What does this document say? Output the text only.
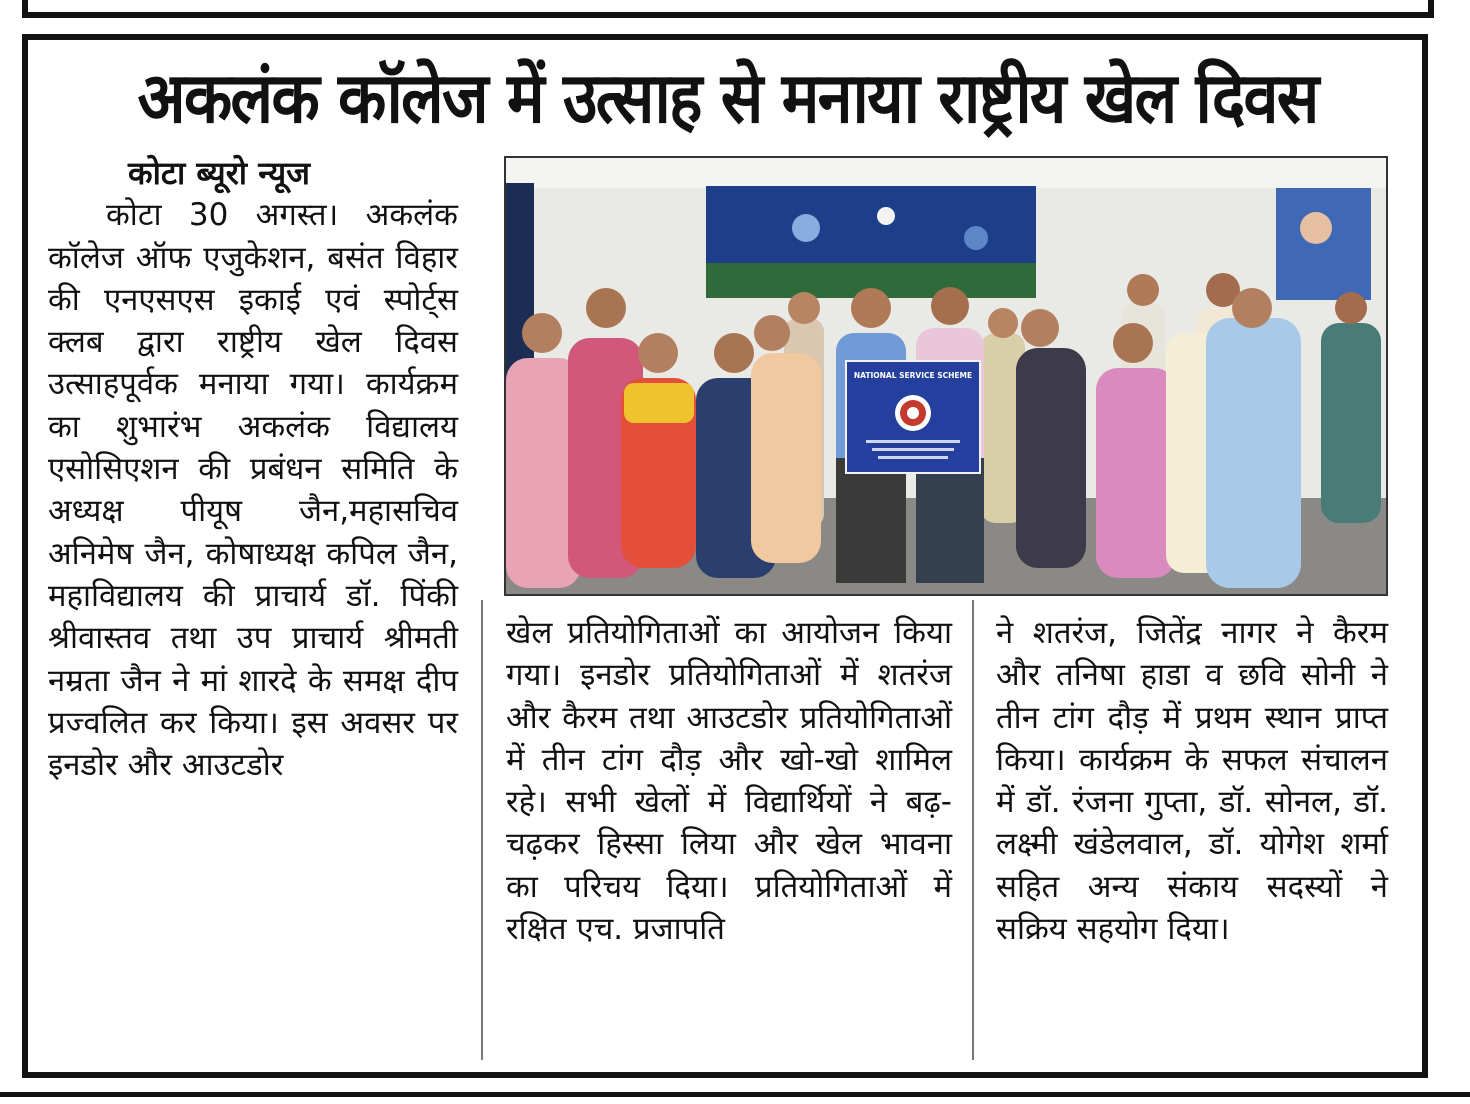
अकलंक कॉलेज में उत्साह से मनाया राष्ट्रीय खेल दिवस

कोटा ब्यूरो न्यूज

कोटा 30 अगस्त। अकलंक कॉलेज ऑफ एजुकेशन, बसंत विहार की एनएसएस इकाई एवं स्पोर्ट्स क्लब द्वारा राष्ट्रीय खेल दिवस उत्साहपूर्वक मनाया गया। कार्यक्रम का शुभारंभ अकलंक विद्यालय एसोसिएशन की प्रबंधन समिति के अध्यक्ष पीयूष जैन,महासचिव अनिमेष जैन, कोषाध्यक्ष कपिल जैन, महाविद्यालय की प्राचार्य डॉ. पिंकी श्रीवास्तव तथा उप प्राचार्य श्रीमती नम्रता जैन ने मां शारदे के समक्ष दीप प्रज्वलित कर किया। इस अवसर पर इनडोर और आउटडोर

खेल प्रतियोगिताओं का आयोजन किया गया। इनडोर प्रतियोगिताओं में शतरंज और कैरम तथा आउटडोर प्रतियोगिताओं में तीन टांग दौड़ और खो-खो शामिल रहे। सभी खेलों में विद्यार्थियों ने बढ़-चढ़कर हिस्सा लिया और खेल भावना का परिचय दिया। प्रतियोगिताओं में रक्षित एच. प्रजापति

ने शतरंज, जितेंद्र नागर ने कैरम और तनिषा हाडा व छवि सोनी ने तीन टांग दौड़ में प्रथम स्थान प्राप्त किया। कार्यक्रम के सफल संचालन में डॉ. रंजना गुप्ता, डॉ. सोनल, डॉ. लक्ष्मी खंडेलवाल, डॉ. योगेश शर्मा सहित अन्य संकाय सदस्यों ने सक्रिय सहयोग दिया।

NATIONAL SERVICE SCHEME
